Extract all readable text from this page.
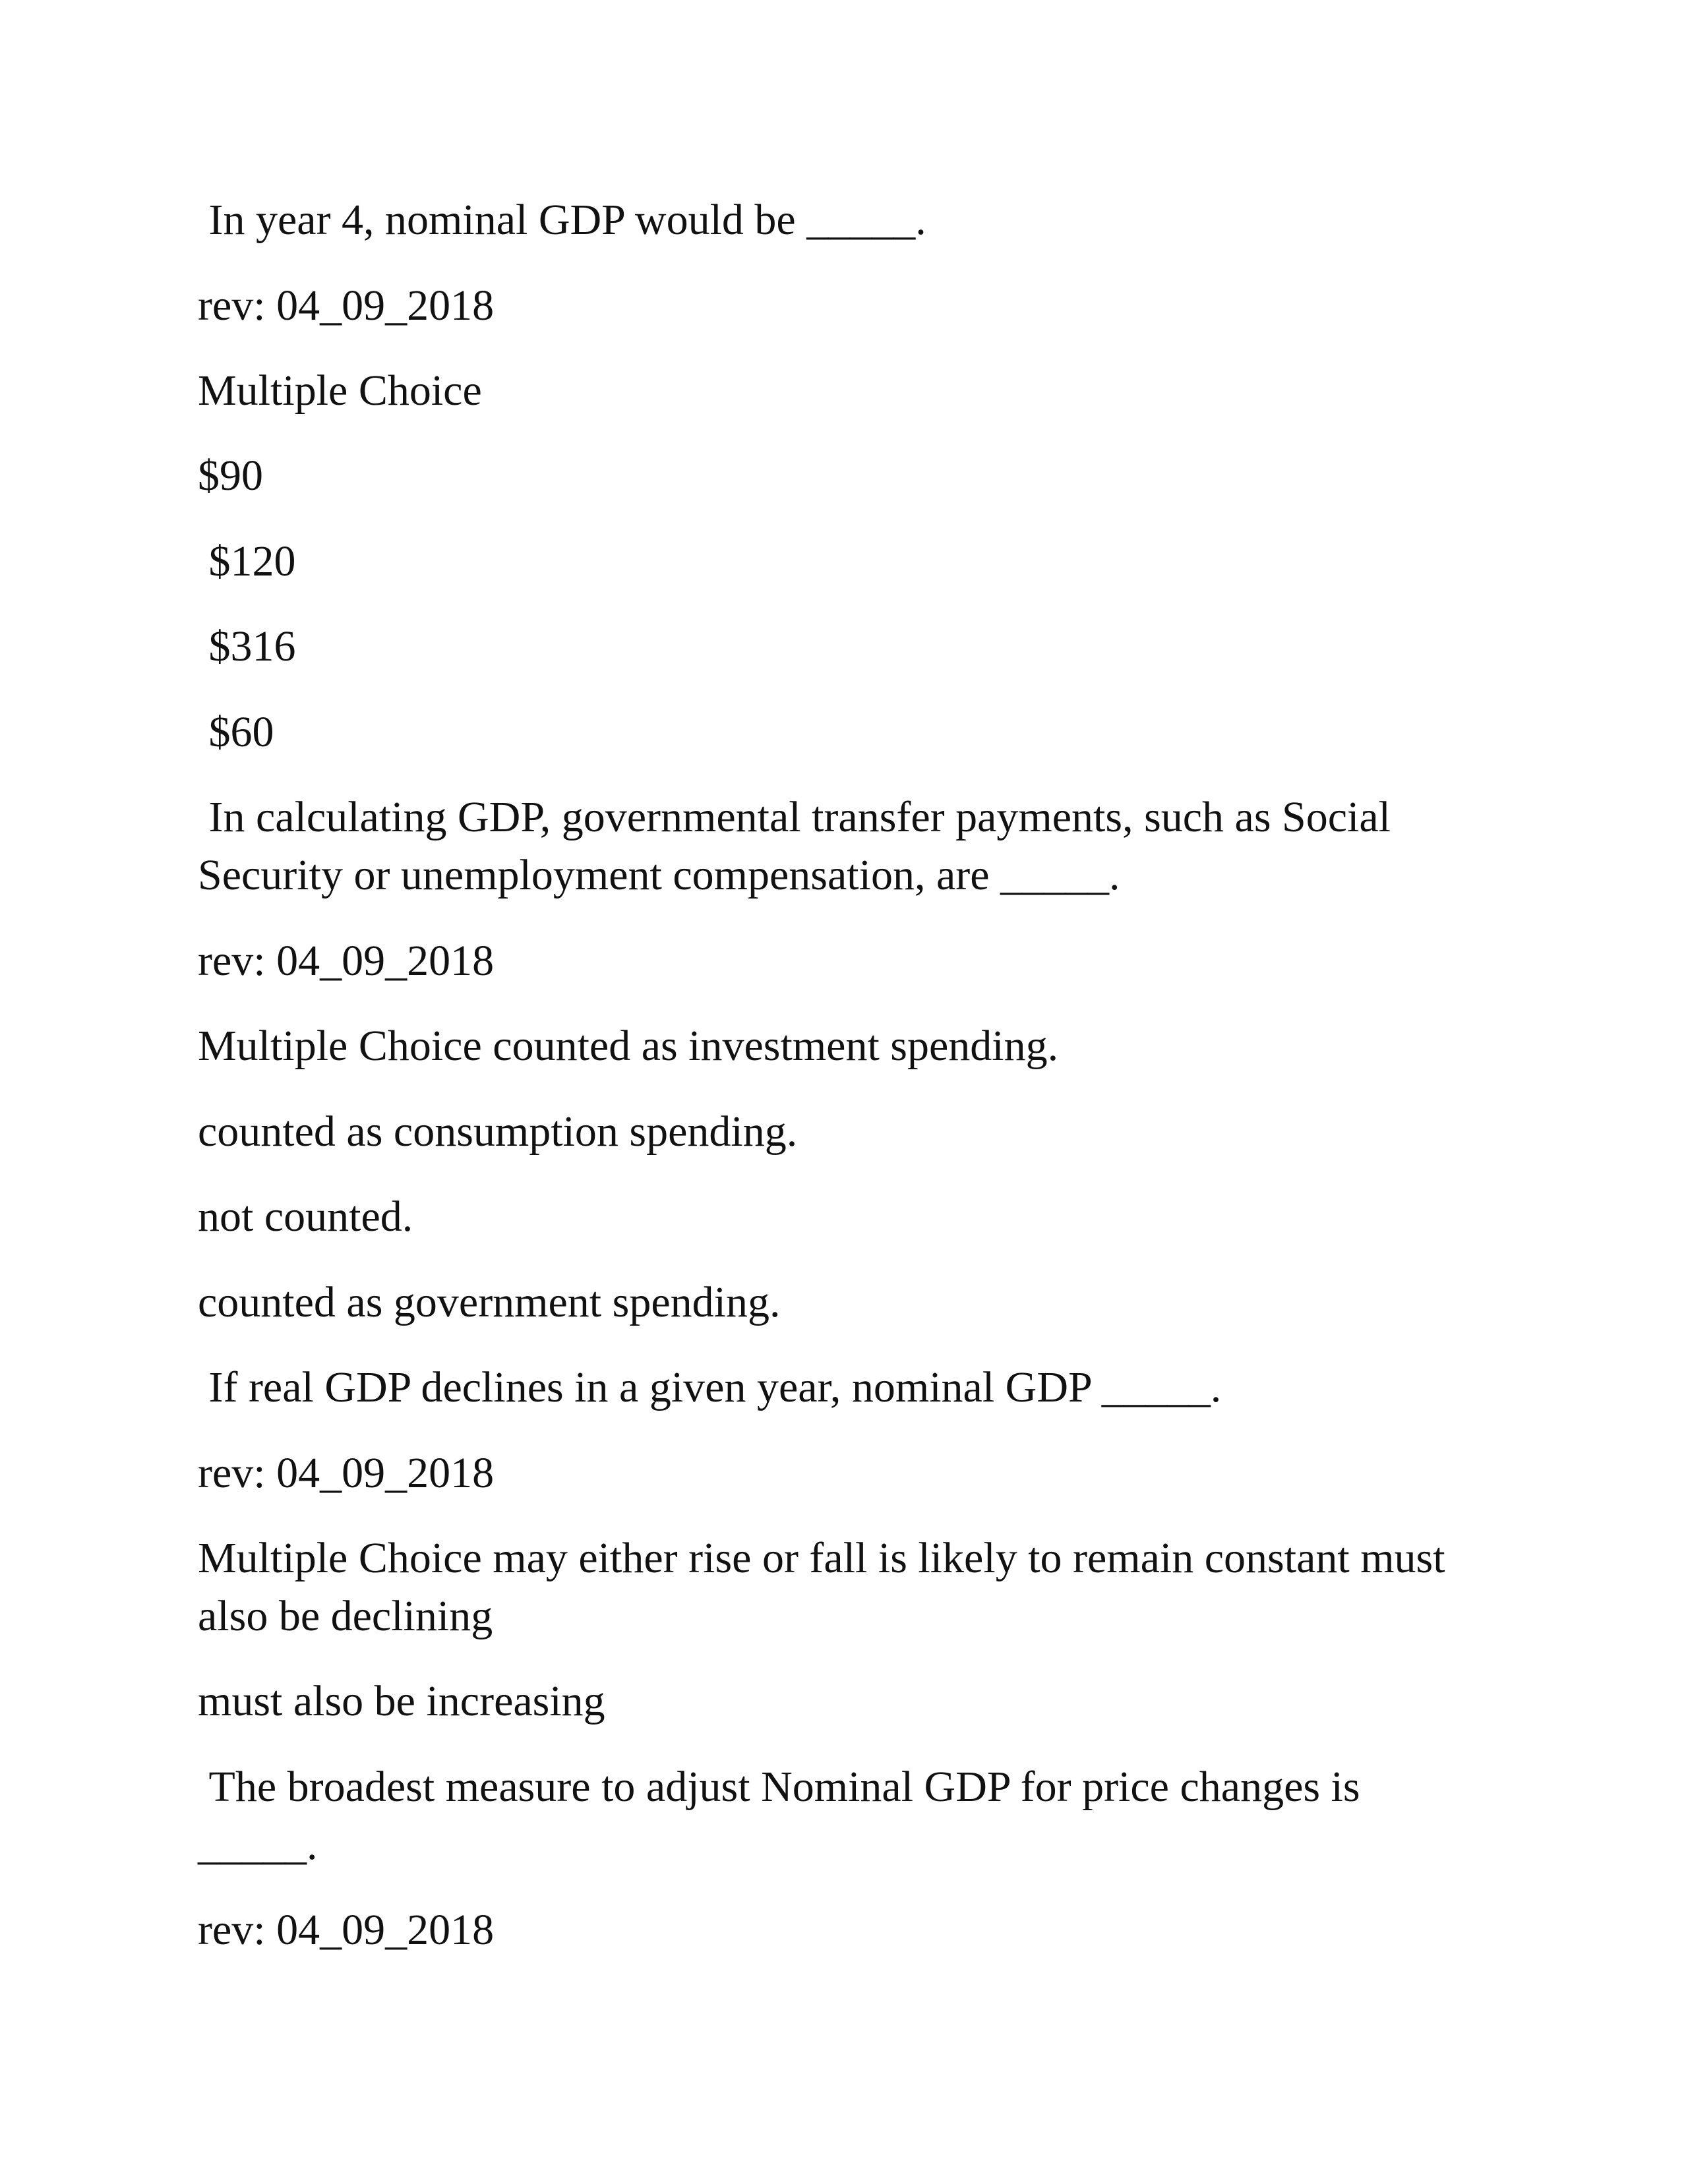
In year 4, nominal GDP would be _____.

rev: 04_09_2018

Multiple Choice

$90

$120

$316

$60

In calculating GDP, governmental transfer payments, such as Social Security or unemployment compensation, are _____.

rev: 04_09_2018

Multiple Choice counted as investment spending.

counted as consumption spending.

not counted.

counted as government spending.

If real GDP declines in a given year, nominal GDP _____.

rev: 04_09_2018

Multiple Choice may either rise or fall is likely to remain constant must also be declining

must also be increasing

The broadest measure to adjust Nominal GDP for price changes is _____.

rev: 04_09_2018
